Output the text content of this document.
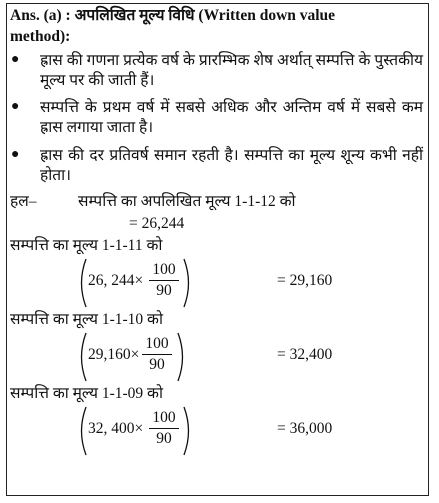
Ans. (a) : अपलिखित मूल्य विधि (Written down value
method):
● ह्रास की गणना प्रत्येक वर्ष के प्रारम्भिक शेष अर्थात् सम्पत्ति के पुस्तकीय मूल्य पर की जाती हैं।
● सम्पत्ति के प्रथम वर्ष में सबसे अधिक और अन्तिम वर्ष में सबसे कम ह्रास लगाया जाता है।
● ह्रास की दर प्रतिवर्ष समान रहती है। सम्पत्ति का मूल्य शून्य कभी नहीं होता।
हल–	सम्पत्ति का अपलिखित मूल्य 1-1-12 को
= 26,244
सम्पत्ति का मूल्य 1-1-11 को
26, 244×
100
90
= 29,160
सम्पत्ति का मूल्य 1-1-10 को
29,160×
100
90
= 32,400
सम्पत्ति का मूल्य 1-1-09 को
32, 400×
100
90
= 36,000
